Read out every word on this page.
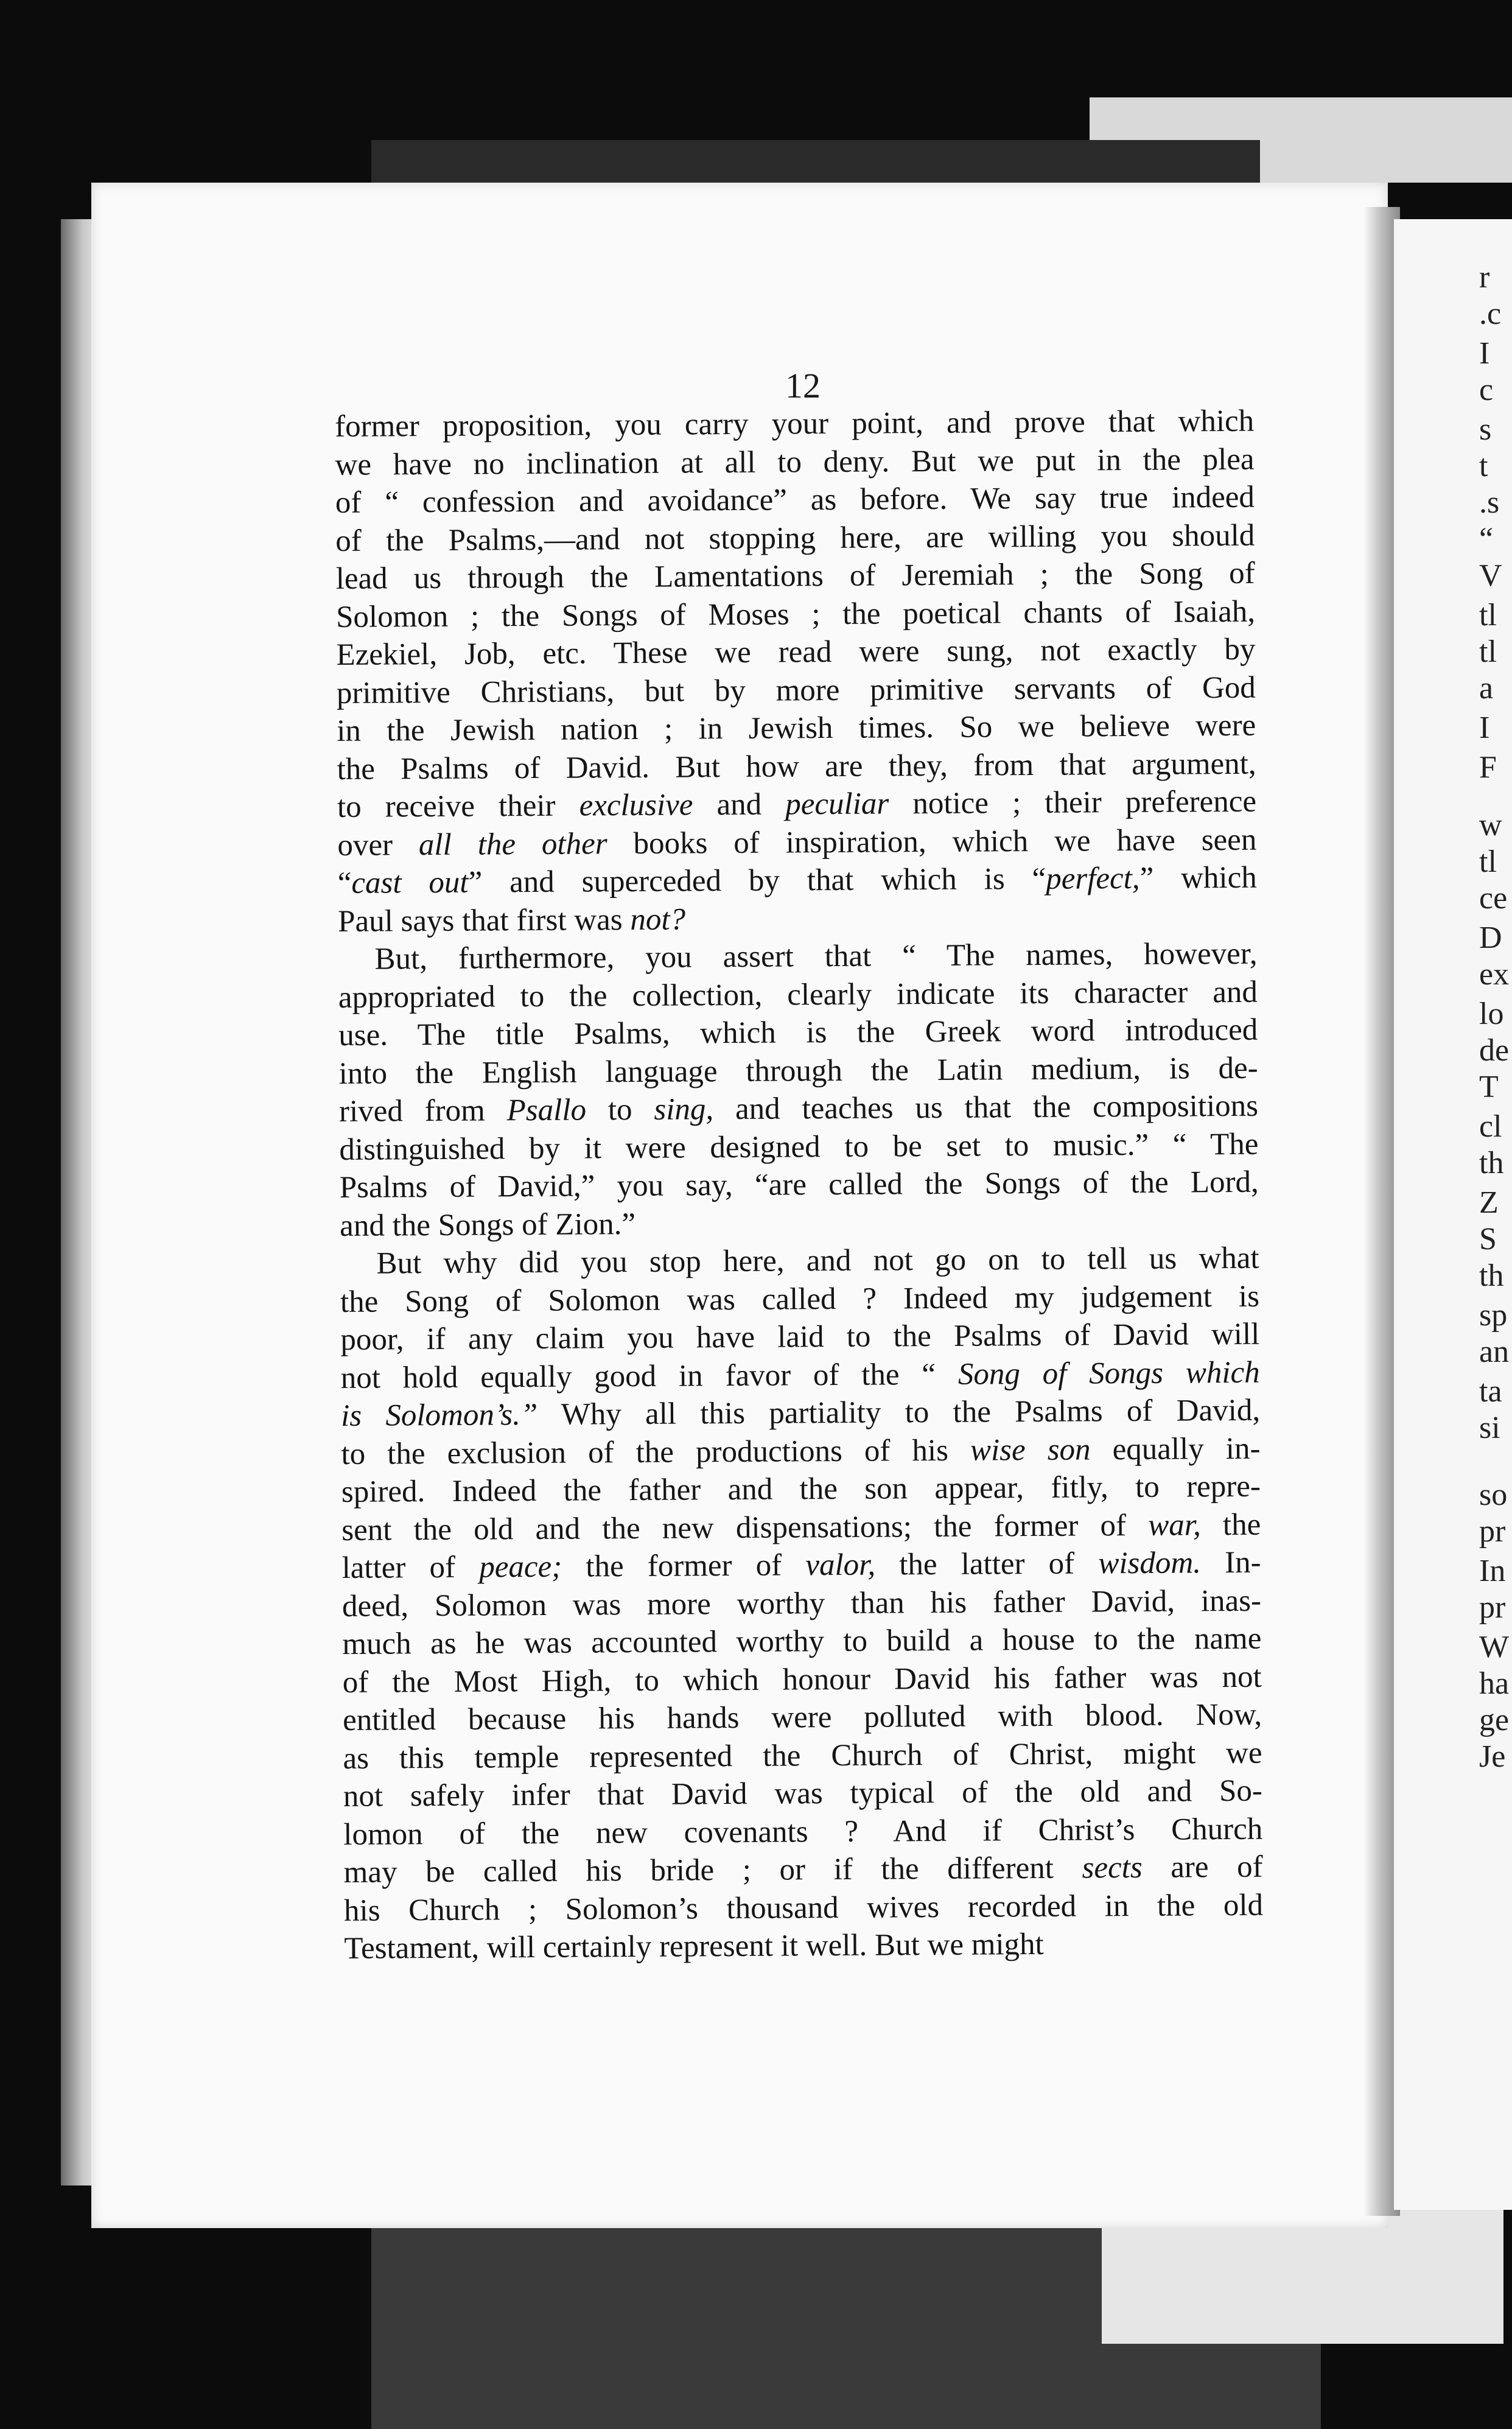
r
.c
I
c
s
t
.s
“
V
tl
tl
a
I
F
w
tl
ce
D
ex
lo
de
T
cl
th
Z
S
th
sp
an
ta
si
so
pr
In
pr
W
ha
ge
Je
12

former proposition, you carry your point, and prove that which
we have no inclination at all to deny. But we put in the plea
of “ confession and avoidance” as before. We say true indeed
of the Psalms,—and not stopping here, are willing you should
lead us through the Lamentations of Jeremiah ; the Song of
Solomon ; the Songs of Moses ; the poetical chants of Isaiah,
Ezekiel, Job, etc. These we read were sung, not exactly by
primitive Christians, but by more primitive servants of God
in the Jewish nation ; in Jewish times. So we believe were
the Psalms of David. But how are they, from that argument,
to receive their exclusive and peculiar notice ; their preference
over all the other books of inspiration, which we have seen
“cast out” and superceded by that which is “perfect,” which
Paul says that first was not?

But, furthermore, you assert that “ The names, however,
appropriated to the collection, clearly indicate its character and
use. The title Psalms, which is the Greek word introduced
into the English language through the Latin medium, is de-
rived from Psallo to sing, and teaches us that the compositions
distinguished by it were designed to be set to music.” “ The
Psalms of David,” you say, “are called the Songs of the Lord,
and the Songs of Zion.”

But why did you stop here, and not go on to tell us what
the Song of Solomon was called ? Indeed my judgement is
poor, if any claim you have laid to the Psalms of David will
not hold equally good in favor of the “ Song of Songs which
is Solomon’s.” Why all this partiality to the Psalms of David,
to the exclusion of the productions of his wise son equally in-
spired. Indeed the father and the son appear, fitly, to repre-
sent the old and the new dispensations; the former of war, the
latter of peace; the former of valor, the latter of wisdom. In-
deed, Solomon was more worthy than his father David, inas-
much as he was accounted worthy to build a house to the name
of the Most High, to which honour David his father was not
entitled because his hands were polluted with blood. Now,
as this temple represented the Church of Christ, might we
not safely infer that David was typical of the old and So-
lomon of the new covenants ? And if Christ’s Church
may be called his bride ; or if the different sects are of
his Church ; Solomon’s thousand wives recorded in the old
Testament, will certainly represent it well. But we might
